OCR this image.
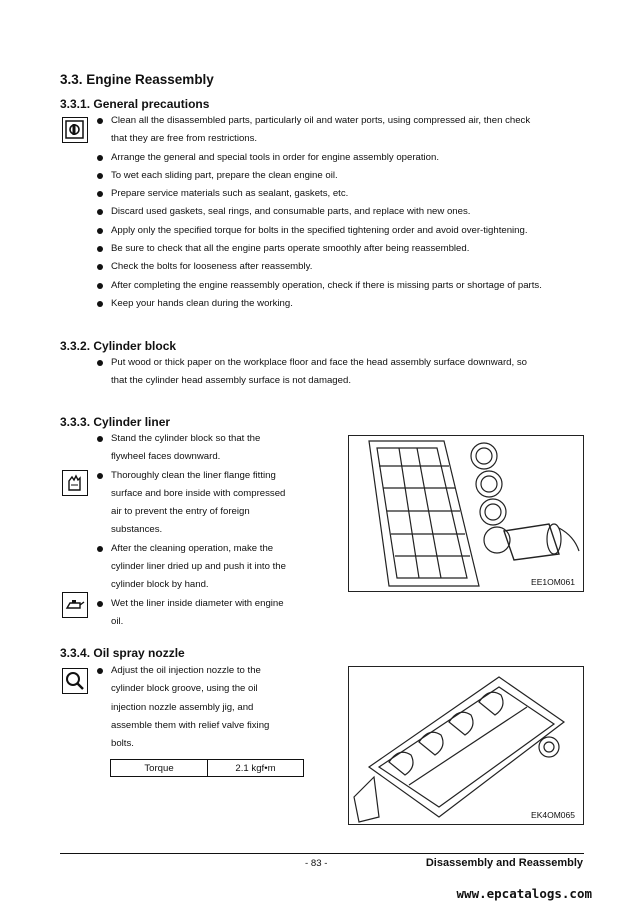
3.3. Engine Reassembly
3.3.1. General precautions
Clean all the disassembled parts, particularly oil and water ports, using compressed air, then check
that they are free from restrictions.
Arrange the general and special tools in order for engine assembly operation.
To wet each sliding part, prepare the clean engine oil.
Prepare service materials such as sealant, gaskets, etc.
Discard used gaskets, seal rings, and consumable parts, and replace with new ones.
Apply only the specified torque for bolts in the specified tightening order and avoid over-tightening.
Be sure to check that all the engine parts operate smoothly after being reassembled.
Check the bolts for looseness after reassembly.
After completing the engine reassembly operation, check if there is missing parts or shortage of parts.
Keep your hands clean during the working.
3.3.2. Cylinder block
Put wood or thick paper on the workplace floor and face the head assembly surface downward, so
that the cylinder head assembly surface is not damaged.
3.3.3. Cylinder liner
Stand the cylinder block so that the
flywheel faces downward.
Thoroughly clean the liner flange fitting
surface and bore inside with compressed
air to prevent the entry of foreign
substances.
After the cleaning operation, make the
cylinder liner dried up and push it into the
cylinder block by hand.
Wet the liner inside diameter with engine
oil.
EE1OM061
3.3.4. Oil spray nozzle
Adjust the oil injection nozzle to the
cylinder block groove, using the oil
injection nozzle assembly jig, and
assemble them with relief valve fixing
bolts.
Torque	2.1 kgf•m
EK4OM065
- 83 -	Disassembly and Reassembly
www.epcatalogs.com
